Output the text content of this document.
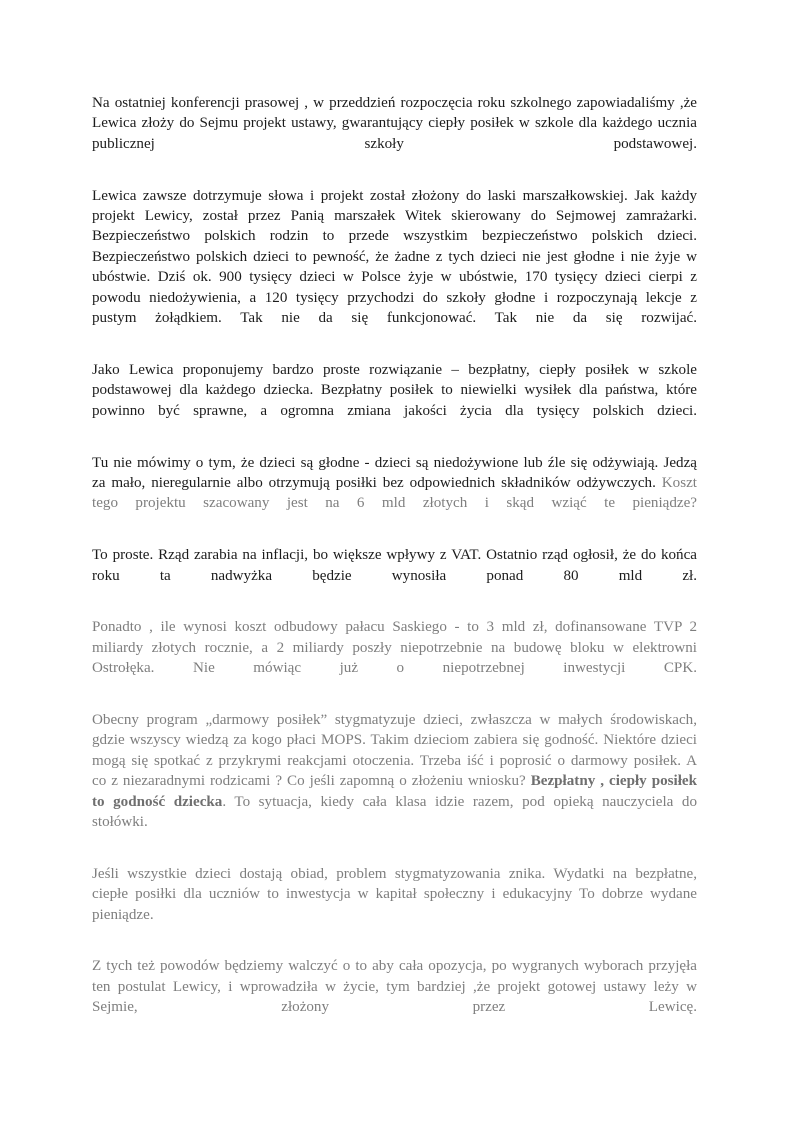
Na ostatniej konferencji prasowej , w przeddzień rozpoczęcia roku szkolnego zapowiadaliśmy ,że Lewica złoży do Sejmu projekt ustawy, gwarantujący ciepły posiłek w szkole dla każdego ucznia publicznej szkoły podstawowej.

Lewica zawsze dotrzymuje słowa i projekt został złożony do laski marszałkowskiej. Jak każdy projekt Lewicy, został przez Panią marszałek Witek skierowany do Sejmowej zamrażarki. Bezpieczeństwo polskich rodzin to przede wszystkim bezpieczeństwo polskich dzieci. Bezpieczeństwo polskich dzieci to pewność, że żadne z tych dzieci nie jest głodne i nie żyje w ubóstwie. Dziś ok. 900 tysięcy dzieci w Polsce żyje w ubóstwie, 170 tysięcy dzieci cierpi z powodu niedożywienia, a 120 tysięcy przychodzi do szkoły głodne i rozpoczynają lekcje z pustym żołądkiem. Tak nie da się funkcjonować. Tak nie da się rozwijać.

Jako Lewica proponujemy bardzo proste rozwiązanie – bezpłatny, ciepły posiłek w szkole podstawowej dla każdego dziecka. Bezpłatny posiłek to niewielki wysiłek dla państwa, które powinno być sprawne, a ogromna zmiana jakości życia dla tysięcy polskich dzieci.

Tu nie mówimy o tym, że dzieci są głodne - dzieci są niedożywione lub źle się odżywiają. Jedzą za mało, nieregularnie albo otrzymują posiłki bez odpowiednich składników odżywczych. Koszt tego projektu szacowany jest na 6 mld złotych i skąd wziąć te pieniądze?

To proste. Rząd zarabia na inflacji, bo większe wpływy z VAT. Ostatnio rząd ogłosił, że do końca roku ta nadwyżka będzie wynosiła ponad 80 mld zł.

Ponadto , ile wynosi koszt odbudowy pałacu Saskiego - to 3 mld zł, dofinansowane TVP 2 miliardy złotych rocznie, a 2 miliardy poszły niepotrzebnie na budowę bloku w elektrowni Ostrołęka. Nie mówiąc już o niepotrzebnej inwestycji CPK.

Obecny program „darmowy posiłek” stygmatyzuje dzieci, zwłaszcza w małych środowiskach, gdzie wszyscy wiedzą za kogo płaci MOPS. Takim dzieciom zabiera się godność. Niektóre dzieci mogą się spotkać z przykrymi reakcjami otoczenia. Trzeba iść i poprosić o darmowy posiłek. A co z niezaradnymi rodzicami ? Co jeśli zapomną o złożeniu wniosku? Bezpłatny , ciepły posiłek to godność dziecka. To sytuacja, kiedy cała klasa idzie razem, pod opieką nauczyciela do stołówki.

Jeśli wszystkie dzieci dostają obiad, problem stygmatyzowania znika. Wydatki na bezpłatne, ciepłe posiłki dla uczniów to inwestycja w kapitał społeczny i edukacyjny To dobrze wydane pieniądze.

Z tych też powodów będziemy walczyć o to aby cała opozycja, po wygranych wyborach przyjęła ten postulat Lewicy, i wprowadziła w życie, tym bardziej ,że projekt gotowej ustawy leży w Sejmie, złożony przez Lewicę.
